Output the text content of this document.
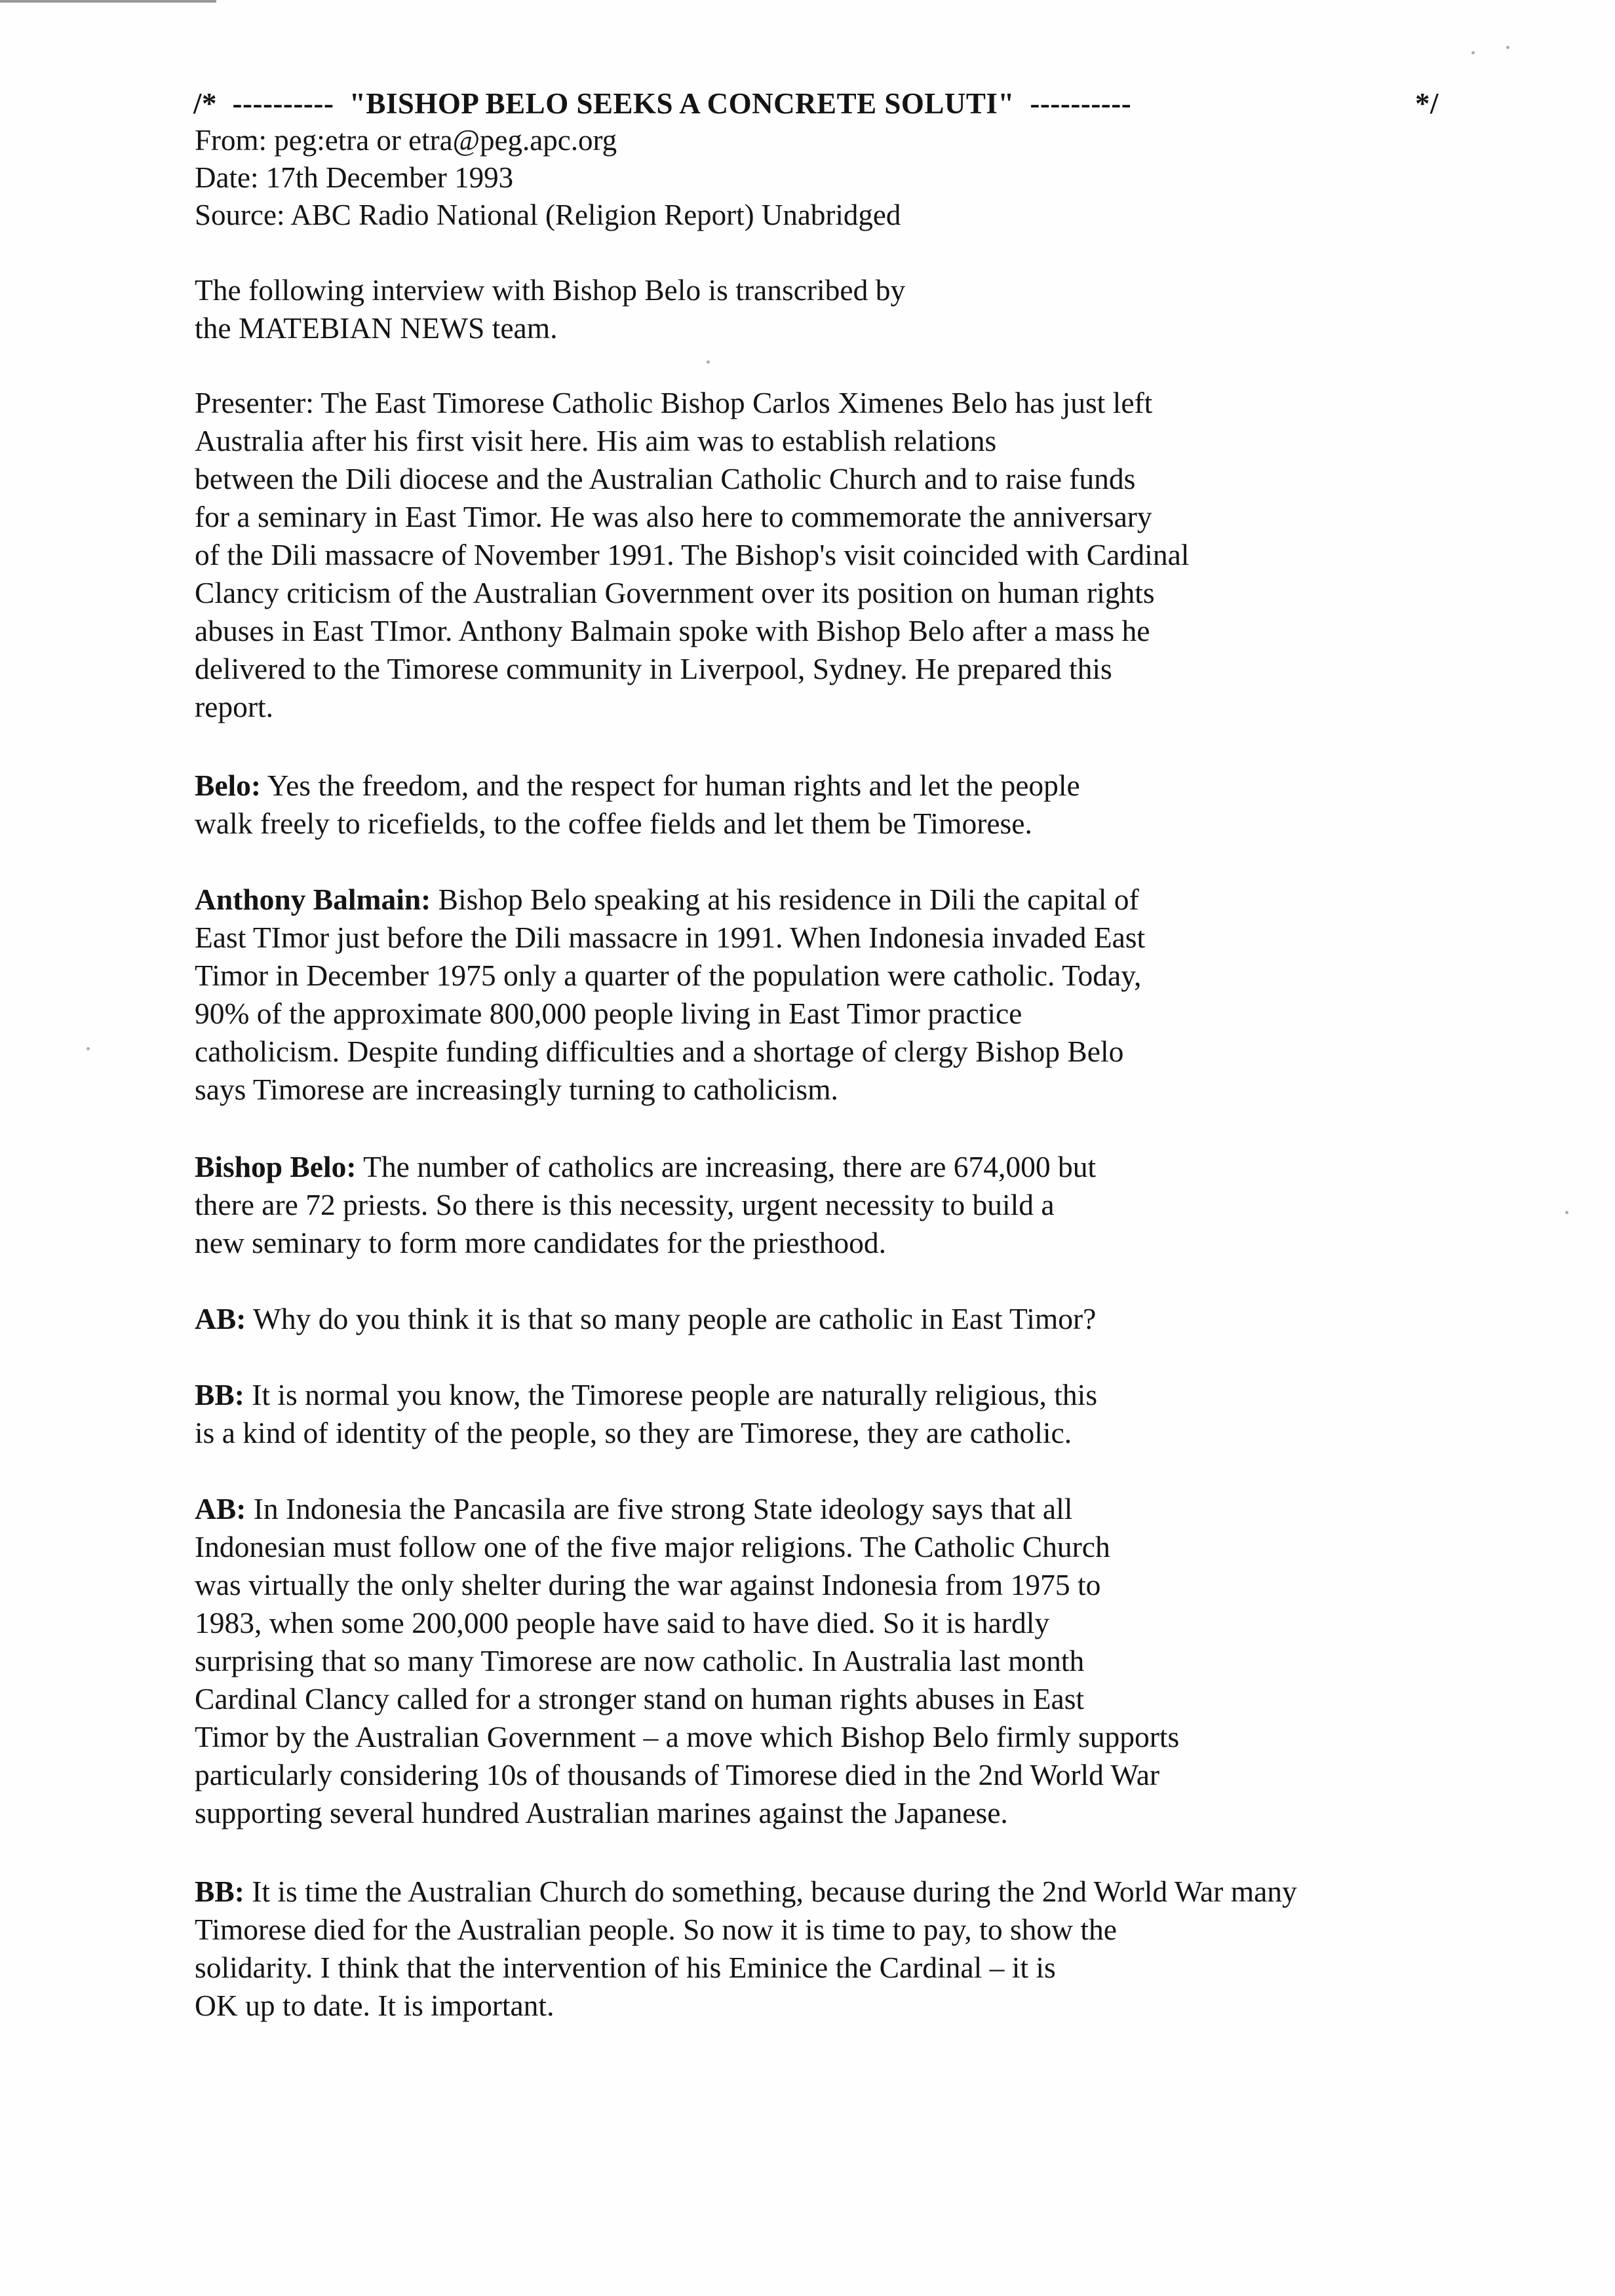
/*  ----------  "BISHOP BELO SEEKS A CONCRETE SOLUTI"  ----------

	*/

From: peg:etra or etra@peg.apc.org
Date: 17th December 1993
Source: ABC Radio National (Religion Report) Unabridged
The following interview with Bishop Belo is transcribed by
the MATEBIAN NEWS team.
Presenter: The East Timorese Catholic Bishop Carlos Ximenes Belo has just left
Australia after his first visit here. His aim was to establish relations
between the Dili diocese and the Australian Catholic Church and to raise funds
for a seminary in East Timor. He was also here to commemorate the anniversary
of the Dili massacre of November 1991. The Bishop's visit coincided with Cardinal
Clancy criticism of the Australian Government over its position on human rights
abuses in East TImor. Anthony Balmain spoke with Bishop Belo after a mass he
delivered to the Timorese community in Liverpool, Sydney. He prepared this
report.
Belo: Yes the freedom, and the respect for human rights and let the people
walk freely to ricefields, to the coffee fields and let them be Timorese.
Anthony Balmain: Bishop Belo speaking at his residence in Dili the capital of
East TImor just before the Dili massacre in 1991. When Indonesia invaded East
Timor in December 1975 only a quarter of the population were catholic. Today,
90% of the approximate 800,000 people living in East Timor practice
catholicism. Despite funding difficulties and a shortage of clergy Bishop Belo
says Timorese are increasingly turning to catholicism.
Bishop Belo: The number of catholics are increasing, there are 674,000 but
there are 72 priests. So there is this necessity, urgent necessity to build a
new seminary to form more candidates for the priesthood.
AB: Why do you think it is that so many people are catholic in East Timor?
BB: It is normal you know, the Timorese people are naturally religious, this
is a kind of identity of the people, so they are Timorese, they are catholic.
AB: In Indonesia the Pancasila are five strong State ideology says that all
Indonesian must follow one of the five major religions. The Catholic Church
was virtually the only shelter during the war against Indonesia from 1975 to
1983, when some 200,000 people have said to have died. So it is hardly
surprising that so many Timorese are now catholic. In Australia last month
Cardinal Clancy called for a stronger stand on human rights abuses in East
Timor by the Australian Government – a move which Bishop Belo firmly supports
particularly considering 10s of thousands of Timorese died in the 2nd World War
supporting several hundred Australian marines against the Japanese.
BB: It is time the Australian Church do something, because during the 2nd World War many
Timorese died for the Australian people. So now it is time to pay, to show the
solidarity. I think that the intervention of his Eminice the Cardinal – it is
OK up to date. It is important.
